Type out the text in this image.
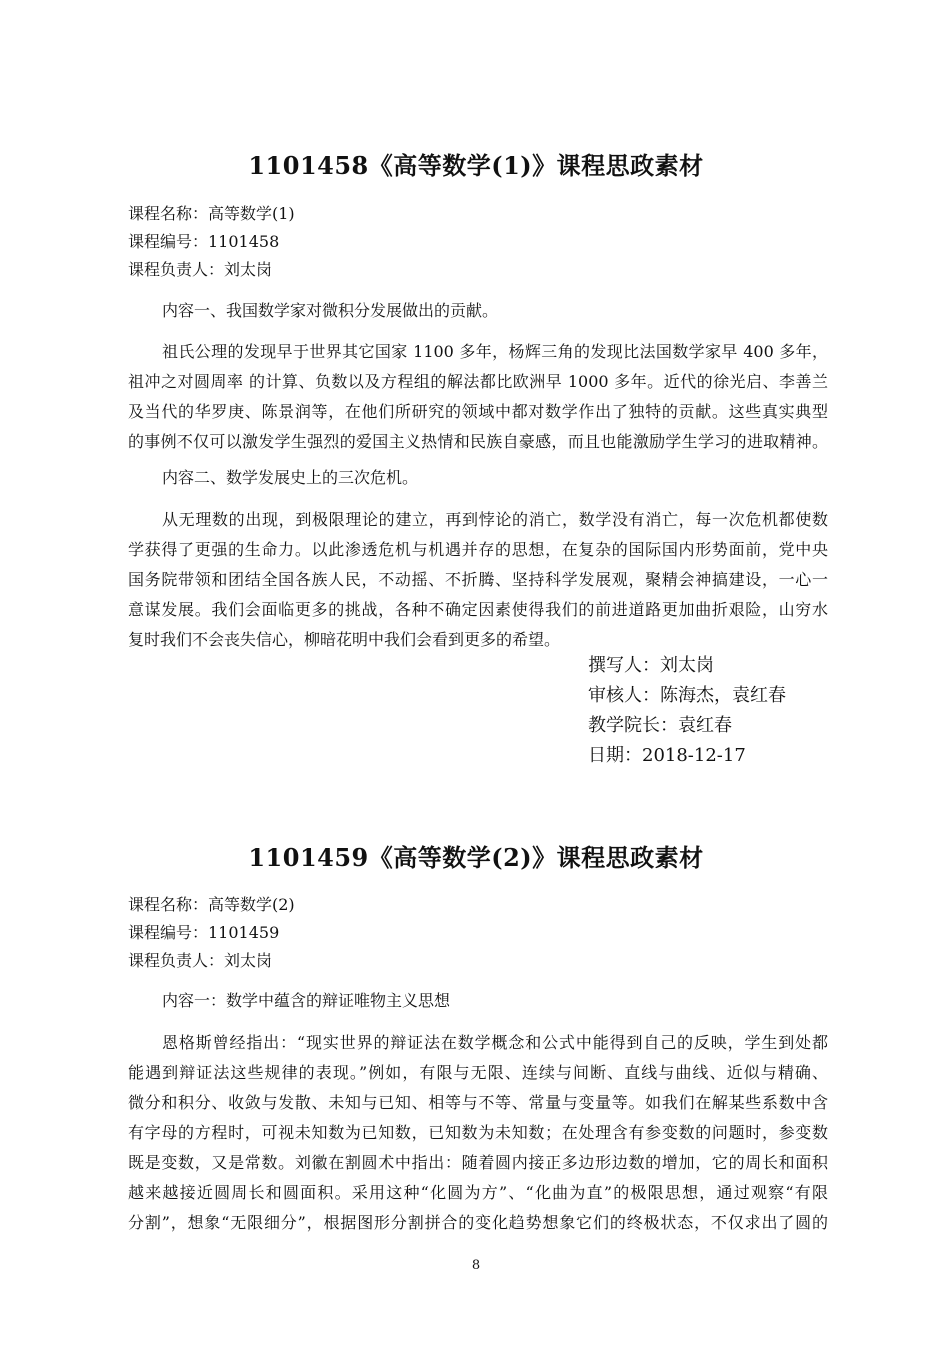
1101458《高等数学(1)》课程思政素材
课程名称：高等数学(1)
课程编号：1101458
课程负责人：刘太岗
内容一、我国数学家对微积分发展做出的贡献。
祖氏公理的发现早于世界其它国家 1100 多年，杨辉三角的发现比法国数学家早 400 多年，
祖冲之对圆周率 的计算、负数以及方程组的解法都比欧洲早 1000 多年。近代的徐光启、李善兰
及当代的华罗庚、陈景润等，在他们所研究的领域中都对数学作出了独特的贡献。这些真实典型
的事例不仅可以激发学生强烈的爱国主义热情和民族自豪感，而且也能激励学生学习的进取精神。
内容二、数学发展史上的三次危机。
从无理数的出现，到极限理论的建立，再到悖论的消亡，数学没有消亡，每一次危机都使数
学获得了更强的生命力。以此渗透危机与机遇并存的思想，在复杂的国际国内形势面前，党中央
国务院带领和团结全国各族人民，不动摇、不折腾、坚持科学发展观，聚精会神搞建设，一心一
意谋发展。我们会面临更多的挑战，各种不确定因素使得我们的前进道路更加曲折艰险，山穷水
复时我们不会丧失信心，柳暗花明中我们会看到更多的希望。
撰写人：刘太岗
审核人：陈海杰，袁红春
教学院长：袁红春
日期：2018-12-17
1101459《高等数学(2)》课程思政素材
课程名称：高等数学(2)
课程编号：1101459
课程负责人：刘太岗
内容一：数学中蕴含的辩证唯物主义思想
恩格斯曾经指出：“现实世界的辩证法在数学概念和公式中能得到自己的反映，学生到处都
能遇到辩证法这些规律的表现。”例如，有限与无限、连续与间断、直线与曲线、近似与精确、
微分和积分、收敛与发散、未知与已知、相等与不等、常量与变量等。如我们在解某些系数中含
有字母的方程时，可视未知数为已知数，已知数为未知数；在处理含有参变数的问题时，参变数
既是变数，又是常数。刘徽在割圆术中指出：随着圆内接正多边形边数的增加，它的周长和面积
越来越接近圆周长和圆面积。采用这种“化圆为方”、“化曲为直”的极限思想，通过观察“有限
分割”，想象“无限细分”，根据图形分割拼合的变化趋势想象它们的终极状态，不仅求出了圆的
8
